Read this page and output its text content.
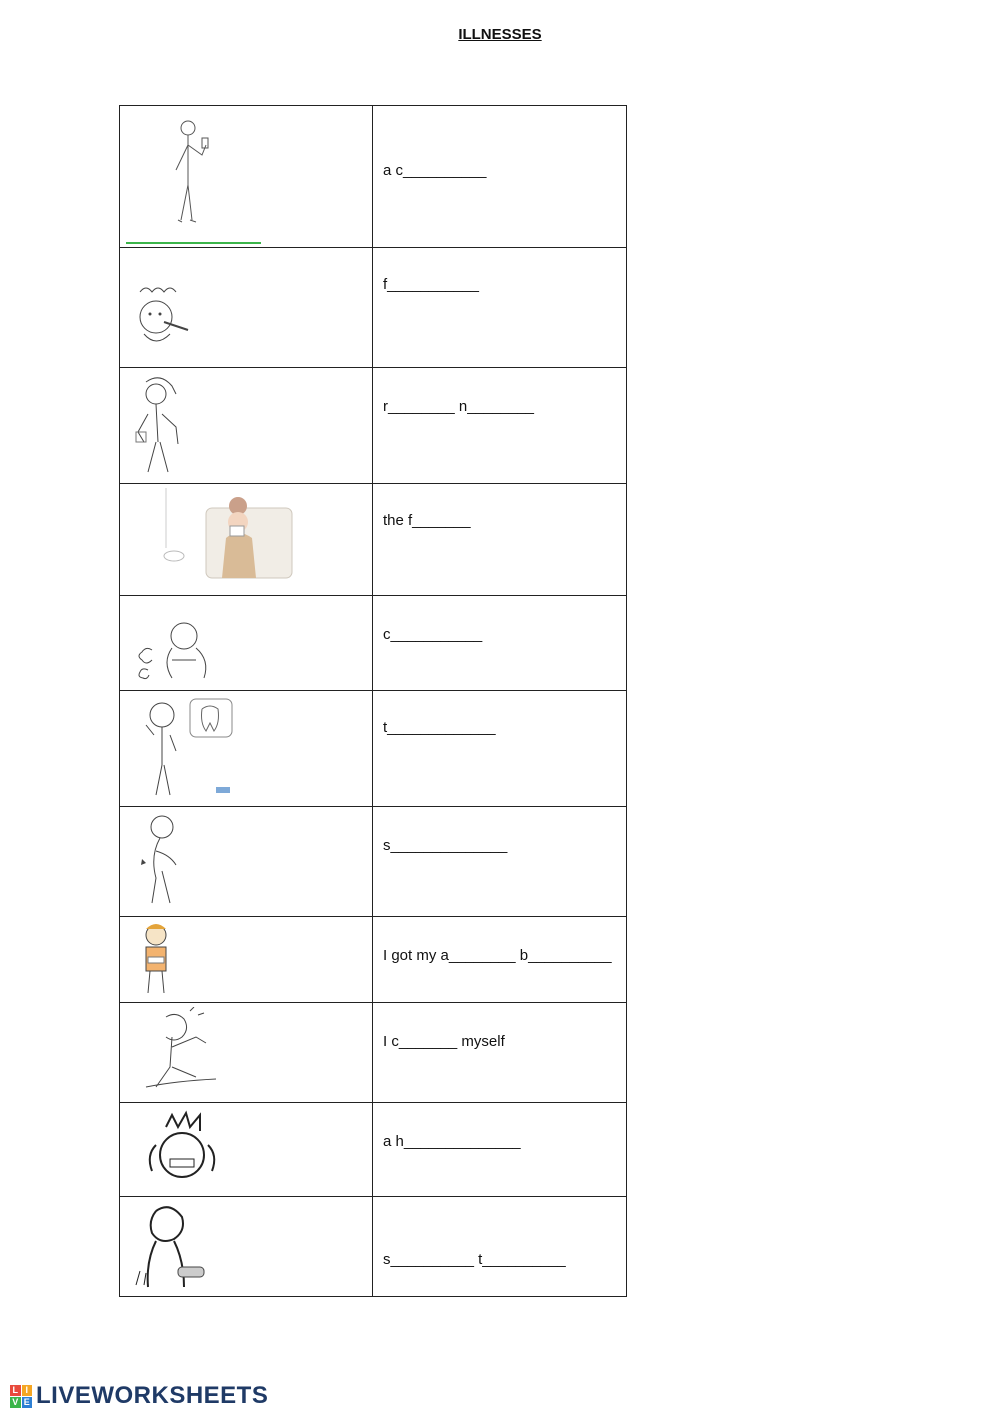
ILLNESSES

a c__________

f___________

r________ n________

the f_______

c___________

t_____________

s______________

I got my a________ b__________

I c_______ myself

a h______________

s__________ t__________
L I
V E LIVEWORKSHEETS
